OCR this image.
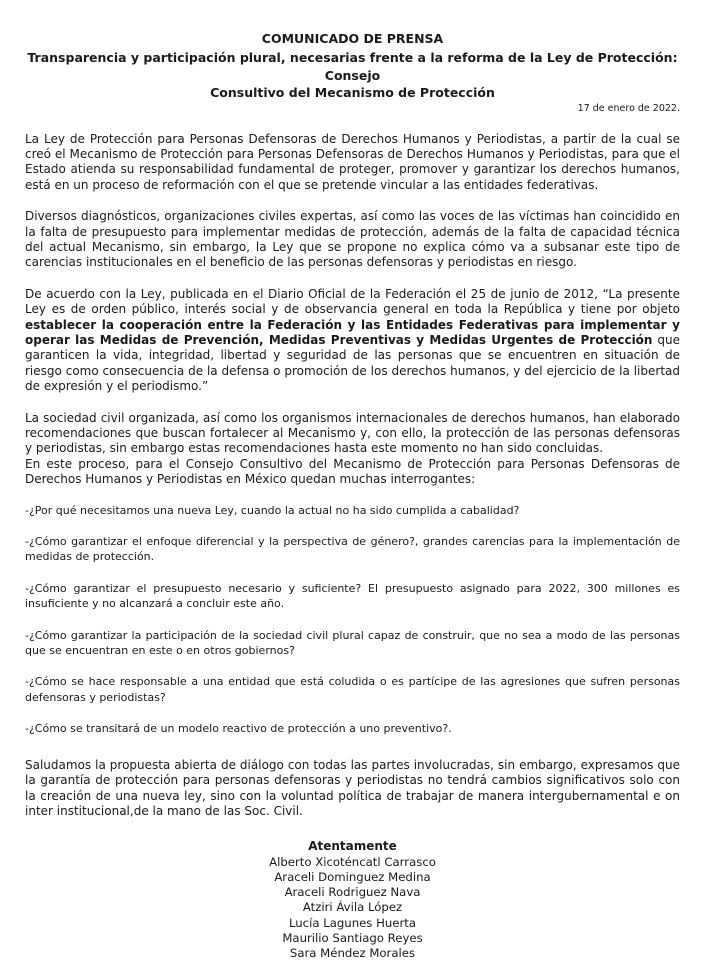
COMUNICADO DE PRENSA
Transparencia y participación plural, necesarias frente a la reforma de la Ley de Protección: Consejo
Consultivo del Mecanismo de Protección
17 de enero de 2022.

La Ley de Protección para Personas Defensoras de Derechos Humanos y Periodistas, a partir de la cual se creó el Mecanismo de Protección para Personas Defensoras de Derechos Humanos y Periodistas, para que el Estado atienda su responsabilidad fundamental de proteger, promover y garantizar los derechos humanos, está en un proceso de reformación con el que se pretende vincular a las entidades federativas.

Diversos diagnósticos, organizaciones civiles expertas, así como las voces de las víctimas han coincidido en la falta de presupuesto para implementar medidas de protección, además de la falta de capacidad técnica del actual Mecanismo, sin embargo, la Ley que se propone no explica cómo va a subsanar este tipo de carencias institucionales en el beneficio de las personas defensoras y periodistas en riesgo.

De acuerdo con la Ley, publicada en el Diario Oficial de la Federación el 25 de junio de 2012, “La presente Ley es de orden público, interés social y de observancia general en toda la República y tiene por objeto establecer la cooperación entre la Federación y las Entidades Federativas para implementar y operar las Medidas de Prevención, Medidas Preventivas y Medidas Urgentes de Protección que garanticen la vida, integridad, libertad y seguridad de las personas que se encuentren en situación de riesgo como consecuencia de la defensa o promoción de los derechos humanos, y del ejercicio de la libertad de expresión y el periodismo.”

La sociedad civil organizada, así como los organismos internacionales de derechos humanos, han elaborado recomendaciones que buscan fortalecer al Mecanismo y, con ello, la protección de las personas defensoras y periodistas, sin embargo estas recomendaciones hasta este momento no han sido concluidas.

En este proceso, para el Consejo Consultivo del Mecanismo de Protección para Personas Defensoras de Derechos Humanos y Periodistas en México quedan muchas interrogantes:

-¿Por qué necesitamos una nueva Ley, cuando la actual no ha sido cumplida a cabalidad?

-¿Cómo garantizar el enfoque diferencial y la perspectiva de género?, grandes carencias para la implementación de medidas de protección.

-¿Cómo garantizar el presupuesto necesario y suficiente? El presupuesto asignado para 2022, 300 millones es insuficiente y no alcanzará a concluir este año.

-¿Cómo garantizar la participación de la sociedad civil plural capaz de construir, que no sea a modo de las personas que se encuentran en este o en otros gobiernos?

-¿Cómo se hace responsable a una entidad que está coludida o es partícipe de las agresiones que sufren personas defensoras y periodistas?

-¿Cómo se transitará de un modelo reactivo de protección a uno preventivo?.

Saludamos la propuesta abierta de diálogo con todas las partes involucradas, sin embargo, expresamos que la garantía de protección para personas defensoras y periodistas no tendrá cambios significativos solo con la creación de una nueva ley, sino con la voluntad política de trabajar de manera intergubernamental e on inter institucional,de la mano de las Soc. Civil.

Atentamente
Alberto Xicoténcatl Carrasco
Araceli Dominguez Medina
Araceli Rodriguez Nava
Atziri Ávila López
Lucía Lagunes Huerta
Maurilio Santiago Reyes
Sara Méndez Morales
